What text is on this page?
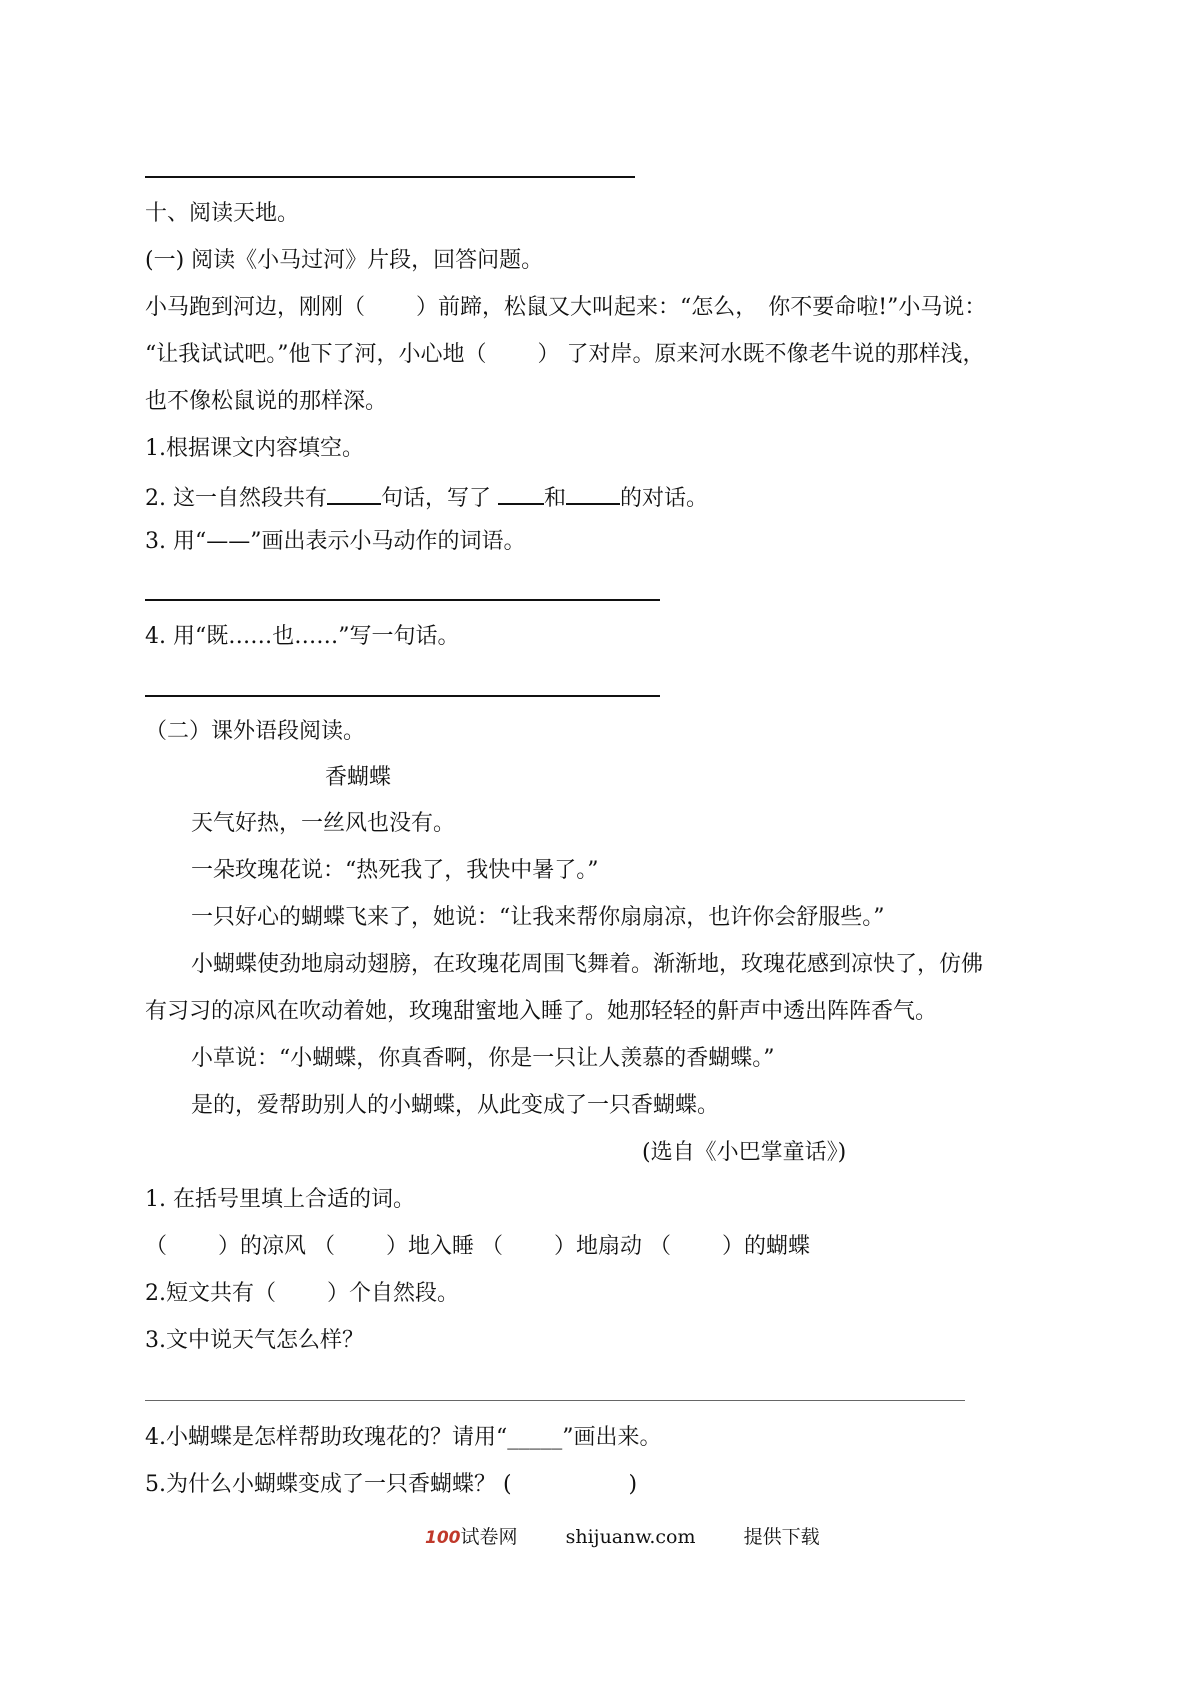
十、阅读天地。
(一) 阅读《小马过河》片段，回答问题。
小马跑到河边，刚刚（　　 ）前蹄，松鼠又大叫起来：“怎么，　你不要命啦!”小马说：
“让我试试吧。”他下了河，小心地（　　 ） 了对岸。原来河水既不像老牛说的那样浅，
也不像松鼠说的那样深。
1.根据课文内容填空。
2. 这一自然段共有 句话，写了 和 的对话。
3. 用“——”画出表示小马动作的词语。
4. 用“既……也……”写一句话。
（二）课外语段阅读。
香蝴蝶
天气好热，一丝风也没有。
一朵玫瑰花说：“热死我了，我快中暑了。”
一只好心的蝴蝶飞来了，她说：“让我来帮你扇扇凉，也许你会舒服些。”
小蝴蝶使劲地扇动翅膀，在玫瑰花周围飞舞着。渐渐地，玫瑰花感到凉快了，仿佛
有习习的凉风在吹动着她，玫瑰甜蜜地入睡了。她那轻轻的鼾声中透出阵阵香气。
小草说：“小蝴蝶，你真香啊，你是一只让人羡慕的香蝴蝶。”
是的，爱帮助别人的小蝴蝶，从此变成了一只香蝴蝶。
(选自《小巴掌童话》)
1. 在括号里填上合适的词。
（　　 ）的凉风 （　　 ）地入睡 （　　 ）地扇动 （　　 ）的蝴蝶
2.短文共有（　　 ）个自然段。
3.文中说天气怎么样？
4.小蝴蝶是怎样帮助玫瑰花的？请用“_____”画出来。
5.为什么小蝴蝶变成了一只香蝴蝶？ (　　　　　 )
100试卷网	shijuanw.com	提供下载
